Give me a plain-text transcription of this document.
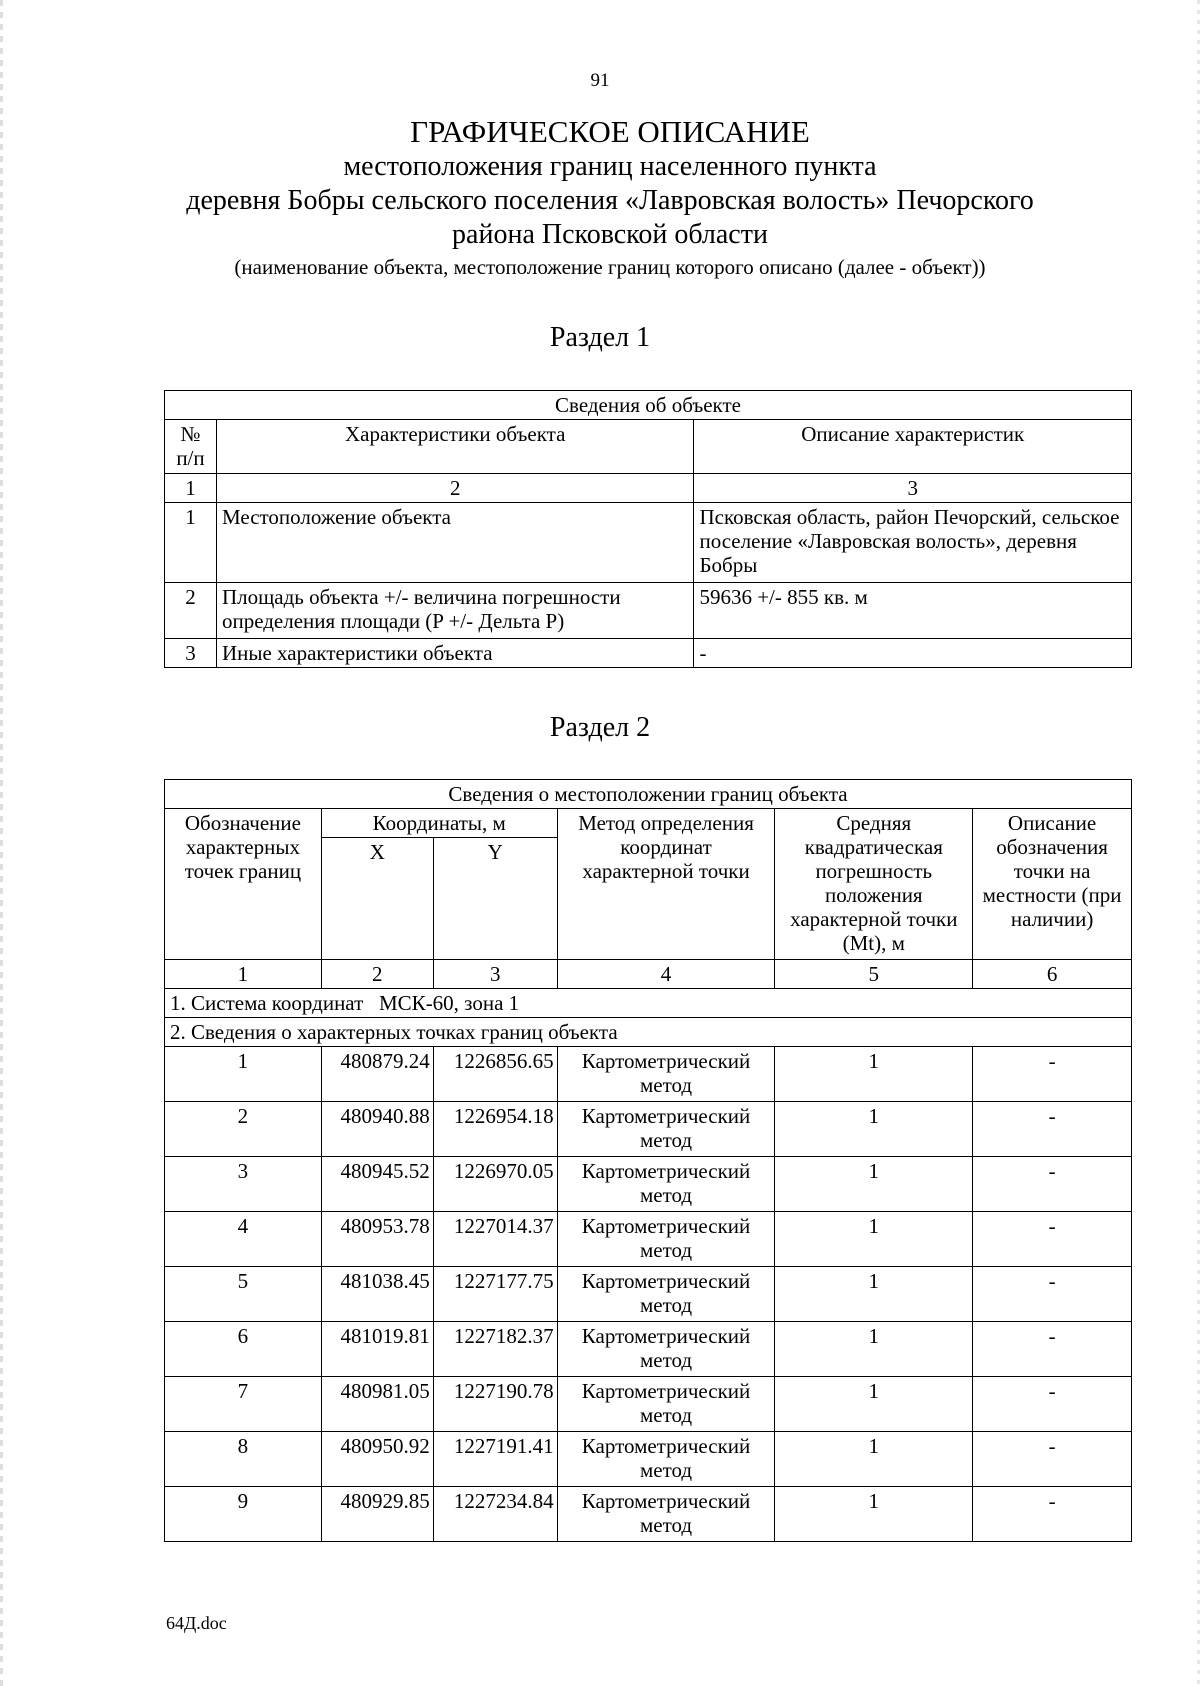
91
ГРАФИЧЕСКОЕ ОПИСАНИЕ
местоположения границ населенного пункта
деревня Бобры сельского поселения «Лавровская волость» Печорского
района Псковской области
(наименование объекта, местоположение границ которого описано (далее - объект))
Раздел 1
Сведения об объекте		
№ п/п	Характеристики объекта	Описание характеристик
1	2	3
1	Местоположение объекта	Псковская область, район Печорский, сельское поселение «Лавровская волость», деревня Бобры
2	Площадь объекта +/- величина погрешности определения площади (P +/- Дельта P)	59636 +/- 855 кв. м
3	Иные характеристики объекта	-
Раздел 2
Сведения о местоположении границ объекта					
Обозначение характерных точек границ	Координаты, м		Метод определения координат характерной точки	Средняя квадратическая погрешность положения характерной точки (Mt), м	Описание обозначения точки на местности (при наличии)
	X	Y			
1	2	3	4	5	6
1. Система координат   МСК-60, зона 1					
2. Сведения о характерных точках границ объекта					
1	480879.24	1226856.65	Картометрический метод	1	-
2	480940.88	1226954.18	Картометрический метод	1	-
3	480945.52	1226970.05	Картометрический метод	1	-
4	480953.78	1227014.37	Картометрический метод	1	-
5	481038.45	1227177.75	Картометрический метод	1	-
6	481019.81	1227182.37	Картометрический метод	1	-
7	480981.05	1227190.78	Картометрический метод	1	-
8	480950.92	1227191.41	Картометрический метод	1	-
9	480929.85	1227234.84	Картометрический метод	1	-
64Д.doc
